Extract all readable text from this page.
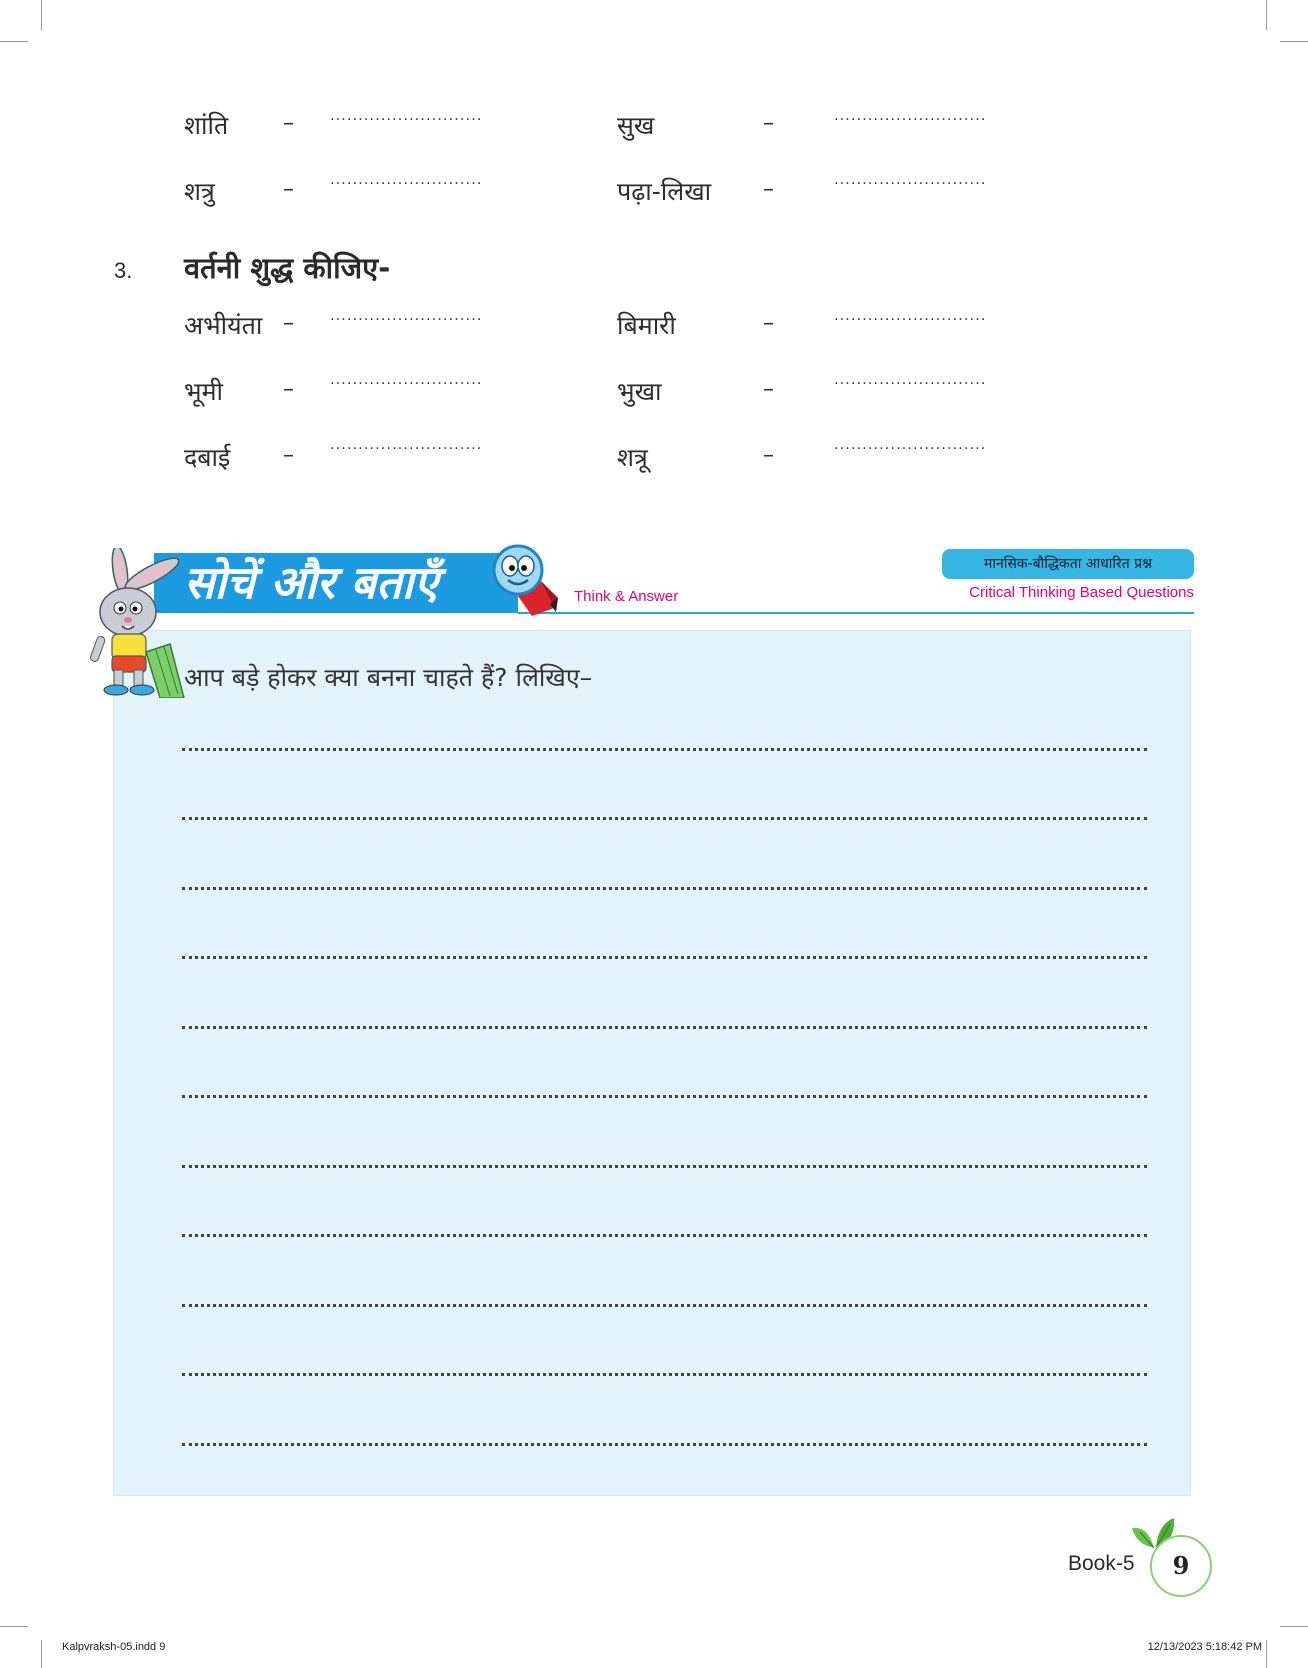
शांति –	...........................	सुख	–	...........................
शत्रु	–	...........................	पढ़ा-लिखा –	...........................
3. वर्तनी शुद्ध कीजिए-
अभीयंता –	...........................	बिमारी	–	...........................
भूमी	–	...........................	भुखा	–	...........................
दबाई –	...........................	शत्रू	–	...........................
सोचें और बताएँ	Think & Answer
मानसिक-बौद्धिकता आधारित प्रश्न
Critical Thinking Based Questions
आप बड़े होकर क्या बनना चाहते हैं? लिखिए–
Book-5	9
Kalpvraksh-05.indd 9	12/13/2023 5:18:42 PM
